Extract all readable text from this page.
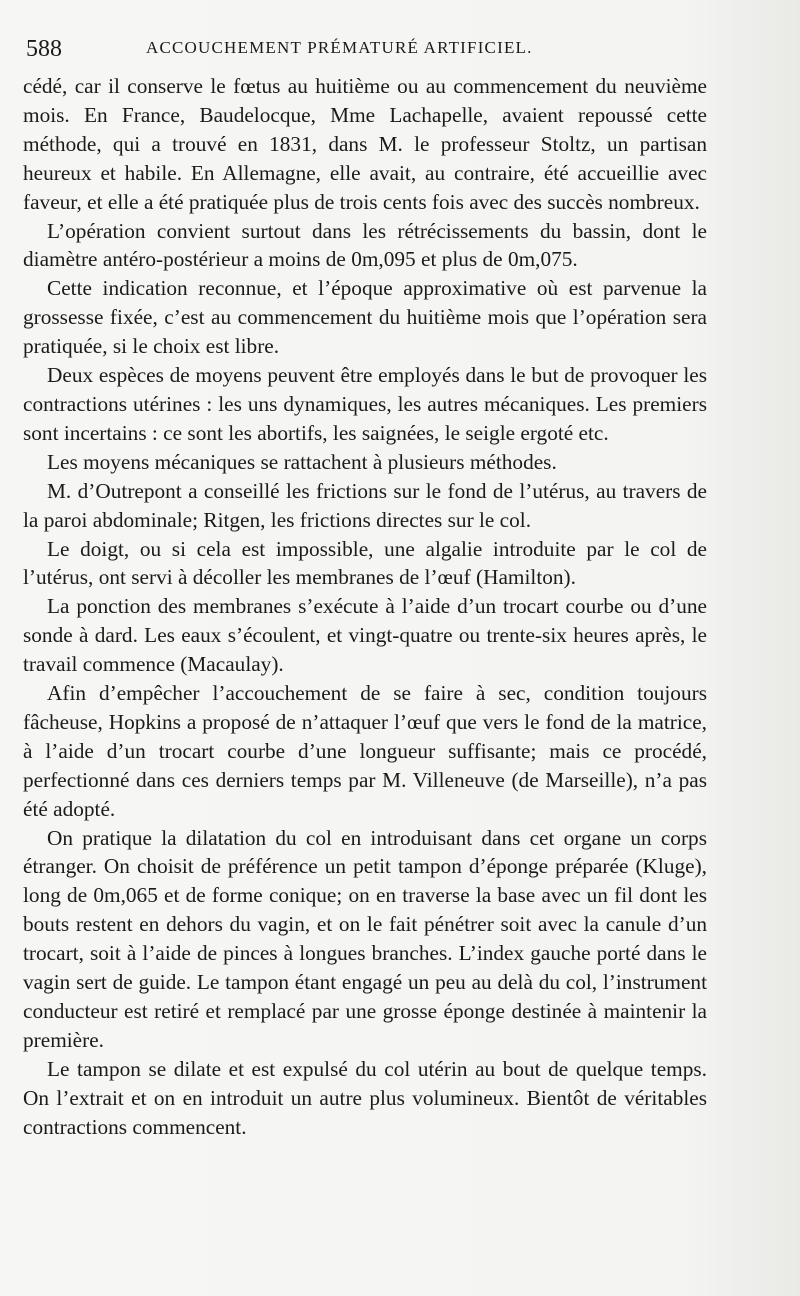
588	ACCOUCHEMENT PRÉMATURÉ ARTIFICIEL.

cédé, car il conserve le fœtus au huitième ou au commencement du neuvième mois. En France, Baudelocque, Mme Lachapelle, avaient repoussé cette méthode, qui a trouvé en 1831, dans M. le professeur Stoltz, un partisan heureux et habile. En Allemagne, elle avait, au contraire, été accueillie avec faveur, et elle a été pratiquée plus de trois cents fois avec des succès nombreux.

L’opération convient surtout dans les rétrécissements du bassin, dont le diamètre antéro-postérieur a moins de 0m,095 et plus de 0m,075.

Cette indication reconnue, et l’époque approximative où est parvenue la grossesse fixée, c’est au commencement du huitième mois que l’opération sera pratiquée, si le choix est libre.

Deux espèces de moyens peuvent être employés dans le but de provoquer les contractions utérines : les uns dynamiques, les autres mécaniques. Les premiers sont incertains : ce sont les abortifs, les saignées, le seigle ergoté etc.

Les moyens mécaniques se rattachent à plusieurs méthodes.

M. d’Outrepont a conseillé les frictions sur le fond de l’utérus, au travers de la paroi abdominale; Ritgen, les frictions directes sur le col.

Le doigt, ou si cela est impossible, une algalie introduite par le col de l’utérus, ont servi à décoller les membranes de l’œuf (Hamilton).

La ponction des membranes s’exécute à l’aide d’un trocart courbe ou d’une sonde à dard. Les eaux s’écoulent, et vingt-quatre ou trente-six heures après, le travail commence (Macaulay).

Afin d’empêcher l’accouchement de se faire à sec, condition toujours fâcheuse, Hopkins a proposé de n’attaquer l’œuf que vers le fond de la matrice, à l’aide d’un trocart courbe d’une longueur suffisante; mais ce procédé, perfectionné dans ces derniers temps par M. Villeneuve (de Marseille), n’a pas été adopté.

On pratique la dilatation du col en introduisant dans cet organe un corps étranger. On choisit de préférence un petit tampon d’éponge préparée (Kluge), long de 0m,065 et de forme conique; on en traverse la base avec un fil dont les bouts restent en dehors du vagin, et on le fait pénétrer soit avec la canule d’un trocart, soit à l’aide de pinces à longues branches. L’index gauche porté dans le vagin sert de guide. Le tampon étant engagé un peu au delà du col, l’instrument conducteur est retiré et remplacé par une grosse éponge destinée à maintenir la première.

Le tampon se dilate et est expulsé du col utérin au bout de quelque temps. On l’extrait et on en introduit un autre plus volumineux. Bientôt de véritables contractions commencent.
